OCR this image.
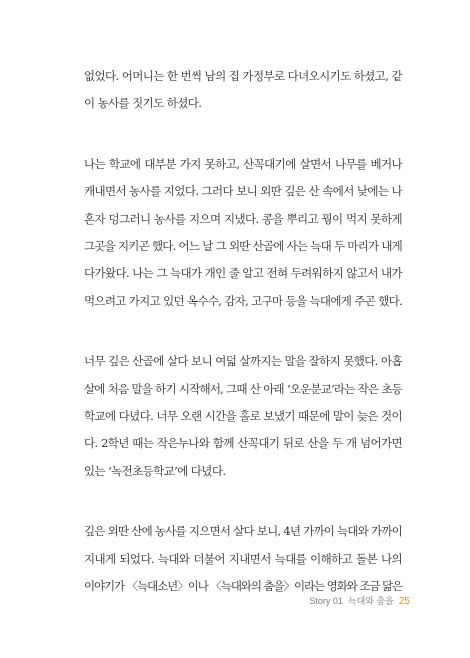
없었다. 어머니는 한 번씩 남의 집 가정부로 다녀오시기도 하셨고, 같
이 농사를 짓기도 하셨다.

나는 학교에 대부분 가지 못하고, 산꼭대기에 살면서 나무를 베거나
캐내면서 농사를 지었다. 그러다 보니 외딴 깊은 산 속에서 낮에는 나
혼자 덩그러니 농사를 지으며 지냈다. 콩을 뿌리고 꿩이 먹지 못하게
그곳을 지키곤 했다. 어느 날 그 외딴 산골에 사는 늑대 두 마리가 내게
다가왔다. 나는 그 늑대가 개인 줄 알고 전혀 두려워하지 않고서 내가
먹으려고 가지고 있던 옥수수, 감자, 고구마 등을 늑대에게 주곤 했다.

너무 깊은 산골에 살다 보니 여덟 살까지는 말을 잘하지 못했다. 아홉
살에 처음 말을 하기 시작해서, 그때 산 아래 ‘오운분교’라는 작은 초등
학교에 다녔다. 너무 오랜 시간을 홀로 보냈기 때문에 말이 늦은 것이
다. 2학년 때는 작은누나와 함께 산꼭대기 뒤로 산을 두 개 넘어가면
있는 ‘녹전초등학교’에 다녔다.

깊은 외딴 산에 농사를 지으면서 살다 보니, 4년 가까이 늑대와 가까이
지내게 되었다. 늑대와 더불어 지내면서 늑대를 이해하고 돌본 나의
이야기가 〈늑대소년〉이나 〈늑대와의 춤을〉이라는 영화와 조금 닮은

Story 01 늑대와 춤을 25
